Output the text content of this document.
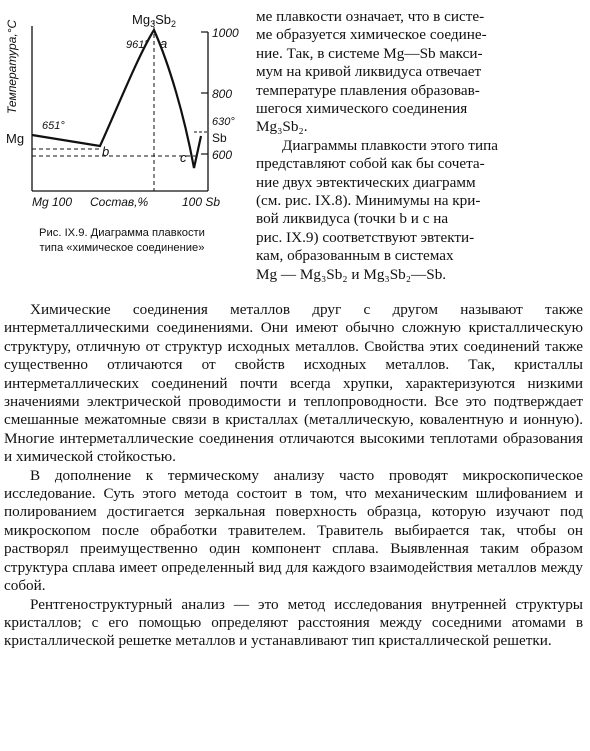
Температура,°С
$Mg_3Sb_2$
961° a
651°
Mg
b	c
630°
Sb
1000
800
600
Mg 100 Состав,%	100 Sb
Рис. IX.9. Диаграмма плавкости
типа «химическое соединение»

ме плавкости означает, что в систе-

ме образуется химическое соедине-

ние. Так, в системе Mg—Sb макси-

мум на кривой ликвидуса отвечает

температуре плавления образовав-

шегося химического соединения

Mg₃Sb₂.

Диаграммы плавкости этого типа

представляют собой как бы сочета-

ние двух эвтектических диаграмм

(см. рис. IX.8). Минимумы на кри-

вой ликвидуса (точки b и c на

рис. IX.9) соответствуют эвтекти-

кам, образованным в системах

Mg — Mg₃Sb₂ и Mg₃Sb₂—Sb.

Химические соединения металлов друг с другом называют также интерметаллическими соединениями. Они имеют обычно сложную кристаллическую структуру, отличную от структур исходных металлов. Свойства этих соединений также существенно отличаются от свойств исходных металлов. Так, кристаллы интерметаллических соединений почти всегда хрупки, характеризуются низкими значениями электрической проводимости и теплопроводности. Все это подтверждает смешанные межатомные связи в кристаллах (металлическую, ковалентную и ионную). Многие интерметаллические соединения отличаются высокими теплотами образования и химической стойкостью.

В дополнение к термическому анализу часто проводят микроскопическое исследование. Суть этого метода состоит в том, что механическим шлифованием и полированием достигается зеркальная поверхность образца, которую изучают под микроскопом после обработки травителем. Травитель выбирается так, чтобы он растворял преимущественно один компонент сплава. Выявленная таким образом структура сплава имеет определенный вид для каждого взаимодействия металлов между собой.

Рентгеноструктурный анализ — это метод исследования внутренней структуры кристаллов; с его помощью определяют расстояния между соседними атомами в кристаллической решетке металлов и устанавливают тип кристаллической решетки.
